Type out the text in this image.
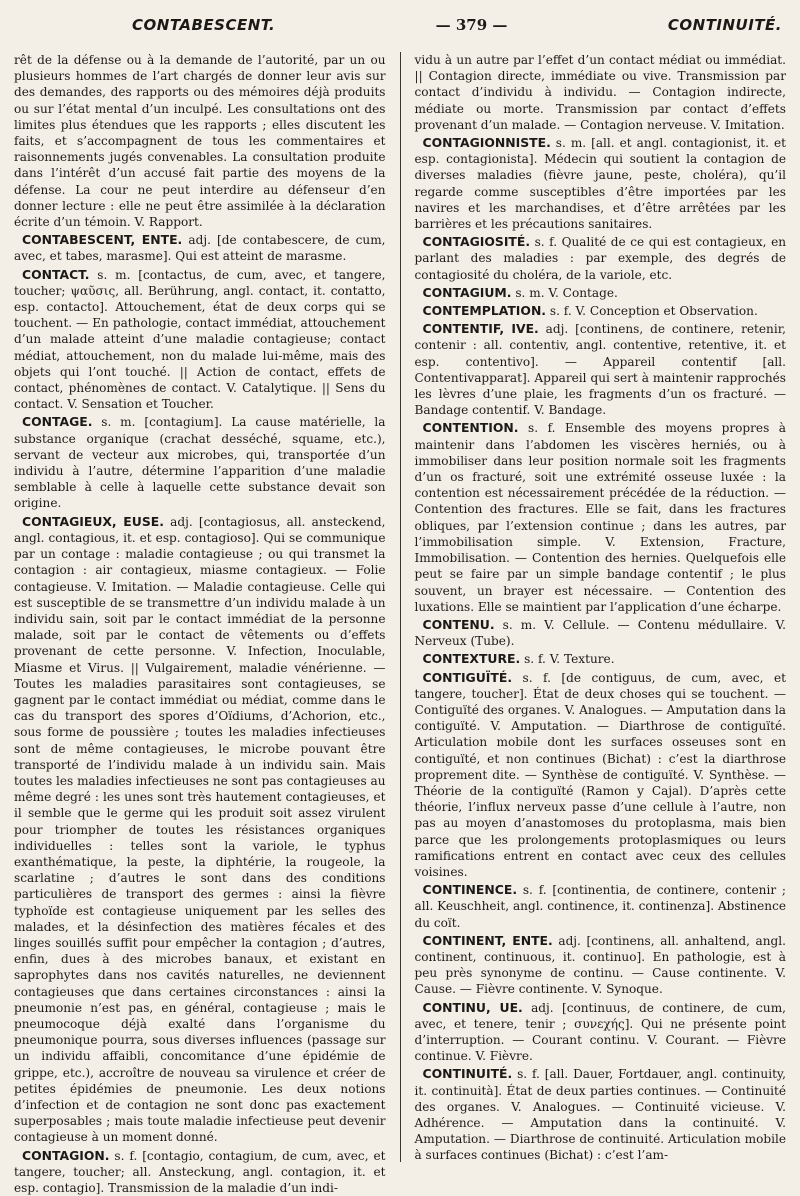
CONTABESCENT.	— 379 —	CONTINUITÉ.

rêt de la défense ou à la demande de l’autorité, par un ou plusieurs hommes de l’art chargés de donner leur avis sur des demandes, des rapports ou des mémoires déjà produits ou sur l’état mental d’un inculpé. Les consultations ont des limites plus étendues que les rapports ; elles discutent les faits, et s’accompagnent de tous les commentaires et raisonnements jugés convenables. La consultation produite dans l’intérêt d’un accusé fait partie des moyens de la défense. La cour ne peut interdire au défenseur d’en donner lecture : elle ne peut être assimilée à la déclaration écrite d’un témoin. V. Rapport.

CONTABESCENT, ENTE. adj. [de contabescere, de cum, avec, et tabes, marasme]. Qui est atteint de marasme.

CONTACT. s. m. [contactus, de cum, avec, et tangere, toucher; ψαῦσις, all. Berührung, angl. contact, it. contatto, esp. contacto]. Attouchement, état de deux corps qui se touchent. — En pathologie, contact immédiat, attouchement d’un malade atteint d’une maladie contagieuse; contact médiat, attouchement, non du malade lui-même, mais des objets qui l’ont touché. || Action de contact, effets de contact, phénomènes de contact. V. Catalytique. || Sens du contact. V. Sensation et Toucher.

CONTAGE. s. m. [contagium]. La cause matérielle, la substance organique (crachat desséché, squame, etc.), servant de vecteur aux microbes, qui, transportée d’un individu à l’autre, détermine l’apparition d’une maladie semblable à celle à laquelle cette substance devait son origine.

CONTAGIEUX, EUSE. adj. [contagiosus, all. ansteckend, angl. contagious, it. et esp. contagioso]. Qui se communique par un contage : maladie contagieuse ; ou qui transmet la contagion : air contagieux, miasme contagieux. — Folie contagieuse. V. Imitation. — Maladie contagieuse. Celle qui est susceptible de se transmettre d’un individu malade à un individu sain, soit par le contact immédiat de la personne malade, soit par le contact de vêtements ou d’effets provenant de cette personne. V. Infection, Inoculable, Miasme et Virus. || Vulgairement, maladie vénérienne. — Toutes les maladies parasitaires sont contagieuses, se gagnent par le contact immédiat ou médiat, comme dans le cas du transport des spores d’Oïdiums, d’Achorion, etc., sous forme de poussière ; toutes les maladies infectieuses sont de même contagieuses, le microbe pouvant être transporté de l’individu malade à un individu sain. Mais toutes les maladies infectieuses ne sont pas contagieuses au même degré : les unes sont très hautement contagieuses, et il semble que le germe qui les produit soit assez virulent pour triompher de toutes les résistances organiques individuelles : telles sont la variole, le typhus exanthématique, la peste, la diphtérie, la rougeole, la scarlatine ; d’autres le sont dans des conditions particulières de transport des germes : ainsi la fièvre typhoïde est contagieuse uniquement par les selles des malades, et la désinfection des matières fécales et des linges souillés suffit pour empêcher la contagion ; d’autres, enfin, dues à des microbes banaux, et existant en saprophytes dans nos cavités naturelles, ne deviennent contagieuses que dans certaines circonstances : ainsi la pneumonie n’est pas, en général, contagieuse ; mais le pneumocoque déjà exalté dans l’organisme du pneumonique pourra, sous diverses influences (passage sur un individu affaibli, concomitance d’une épidémie de grippe, etc.), accroître de nouveau sa virulence et créer de petites épidémies de pneumonie. Les deux notions d’infection et de contagion ne sont donc pas exactement superposables ; mais toute maladie infectieuse peut devenir contagieuse à un moment donné.

CONTAGION. s. f. [contagio, contagium, de cum, avec, et tangere, toucher; all. Ansteckung, angl. contagion, it. et esp. contagio]. Transmission de la maladie d’un indi-

vidu à un autre par l’effet d’un contact médiat ou immédiat. || Contagion directe, immédiate ou vive. Transmission par contact d’individu à individu. — Contagion indirecte, médiate ou morte. Transmission par contact d’effets provenant d’un malade. — Contagion nerveuse. V. Imitation.

CONTAGIONNISTE. s. m. [all. et angl. contagionist, it. et esp. contagionista]. Médecin qui soutient la contagion de diverses maladies (fièvre jaune, peste, choléra), qu’il regarde comme susceptibles d’être importées par les navires et les marchandises, et d’être arrêtées par les barrières et les précautions sanitaires.

CONTAGIOSITÉ. s. f. Qualité de ce qui est contagieux, en parlant des maladies : par exemple, des degrés de contagiosité du choléra, de la variole, etc.

CONTAGIUM. s. m. V. Contage.

CONTEMPLATION. s. f. V. Conception et Observation.

CONTENTIF, IVE. adj. [continens, de continere, retenir, contenir : all. contentiv, angl. contentive, retentive, it. et esp. contentivo]. — Appareil contentif [all. Contentivapparat]. Appareil qui sert à maintenir rapprochés les lèvres d’une plaie, les fragments d’un os fracturé. — Bandage contentif. V. Bandage.

CONTENTION. s. f. Ensemble des moyens propres à maintenir dans l’abdomen les viscères herniés, ou à immobiliser dans leur position normale soit les fragments d’un os fracturé, soit une extrémité osseuse luxée : la contention est nécessairement précédée de la réduction. — Contention des fractures. Elle se fait, dans les fractures obliques, par l’extension continue ; dans les autres, par l’immobilisation simple. V. Extension, Fracture, Immobilisation. — Contention des hernies. Quelquefois elle peut se faire par un simple bandage contentif ; le plus souvent, un brayer est nécessaire. — Contention des luxations. Elle se maintient par l’application d’une écharpe.

CONTENU. s. m. V. Cellule. — Contenu médullaire. V. Nerveux (Tube).

CONTEXTURE. s. f. V. Texture.

CONTIGUÏTÉ. s. f. [de contiguus, de cum, avec, et tangere, toucher]. État de deux choses qui se touchent. — Contiguïté des organes. V. Analogues. — Amputation dans la contiguïté. V. Amputation. — Diarthrose de contiguïté. Articulation mobile dont les surfaces osseuses sont en contiguïté, et non continues (Bichat) : c’est la diarthrose proprement dite. — Synthèse de contiguïté. V. Synthèse. — Théorie de la contiguïté (Ramon y Cajal). D’après cette théorie, l’influx nerveux passe d’une cellule à l’autre, non pas au moyen d’anastomoses du protoplasma, mais bien parce que les prolongements protoplasmiques ou leurs ramifications entrent en contact avec ceux des cellules voisines.

CONTINENCE. s. f. [continentia, de continere, contenir ; all. Keuschheit, angl. continence, it. continenza]. Abstinence du coït.

CONTINENT, ENTE. adj. [continens, all. anhaltend, angl. continent, continuous, it. continuo]. En pathologie, est à peu près synonyme de continu. — Cause continente. V. Cause. — Fièvre continente. V. Synoque.

CONTINU, UE. adj. [continuus, de continere, de cum, avec, et tenere, tenir ; συνεχής]. Qui ne présente point d’interruption. — Courant continu. V. Courant. — Fièvre continue. V. Fièvre.

CONTINUITÉ. s. f. [all. Dauer, Fortdauer, angl. continuity, it. continuità]. État de deux parties continues. — Continuité des organes. V. Analogues. — Continuité vicieuse. V. Adhérence. — Amputation dans la continuité. V. Amputation. — Diarthrose de continuité. Articulation mobile à surfaces continues (Bichat) : c’est l’am-
